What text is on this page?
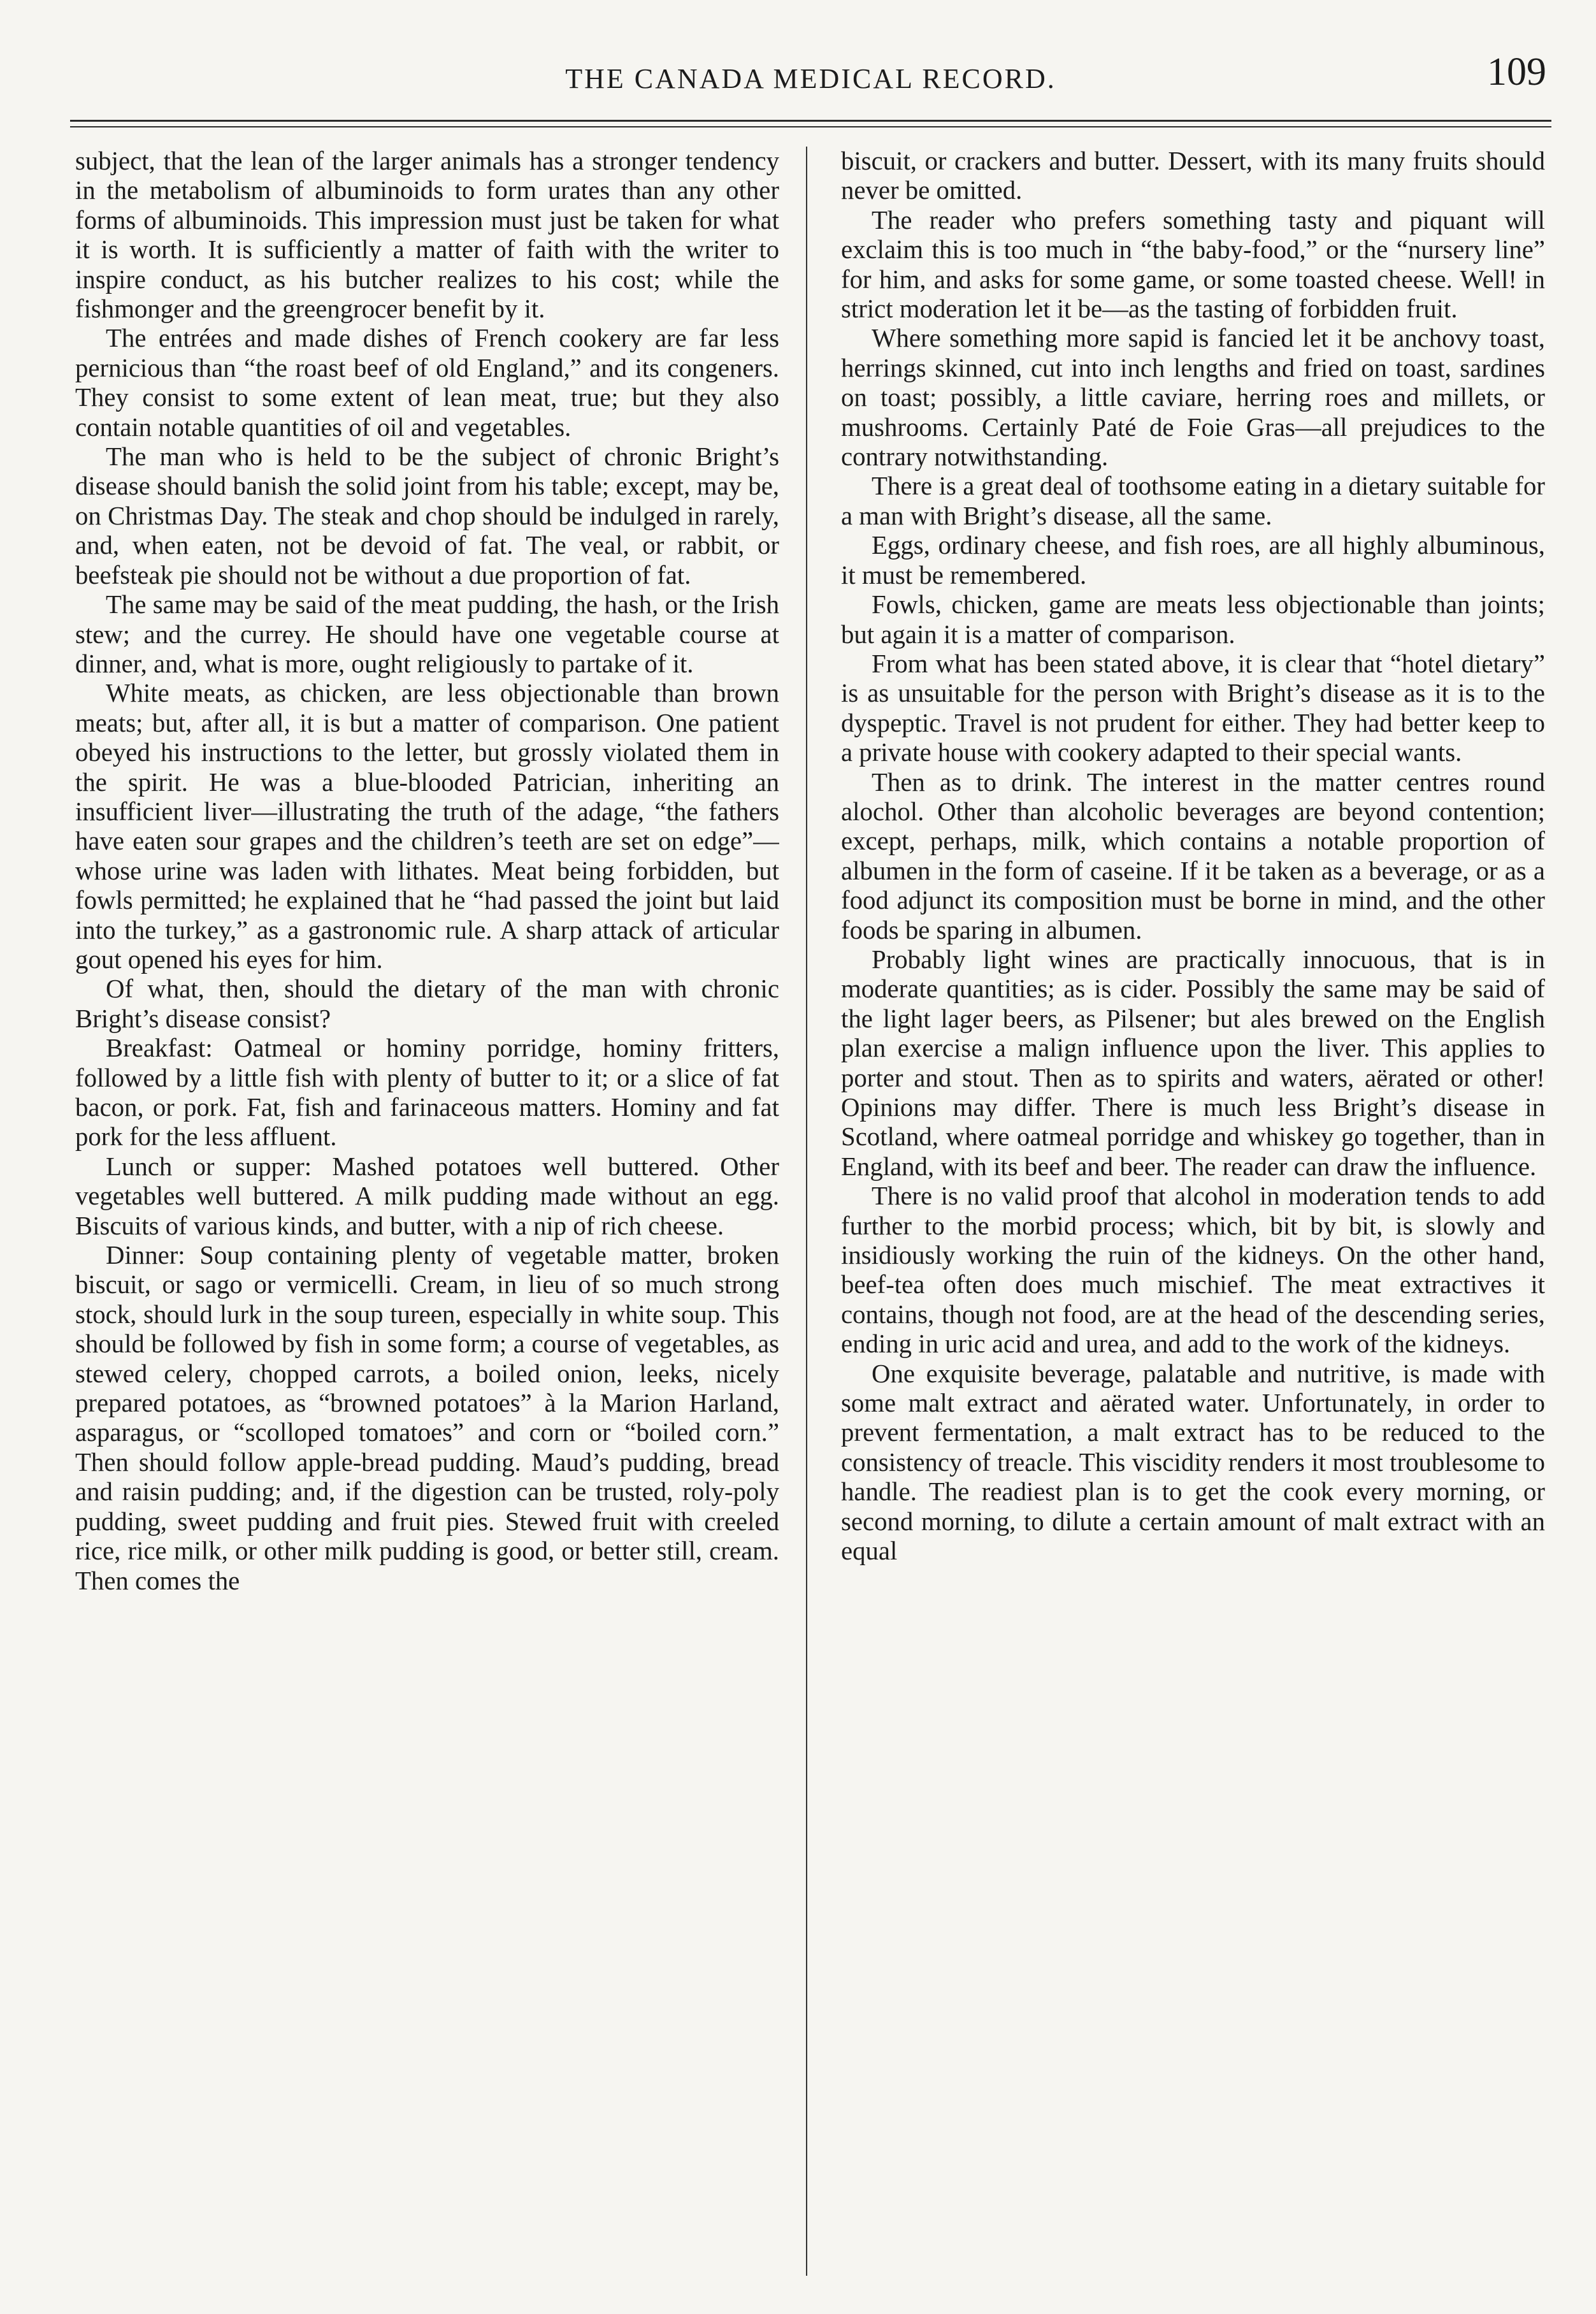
THE CANADA MEDICAL RECORD.	109

subject, that the lean of the larger animals has a stronger tendency in the metabolism of albuminoids to form urates than any other forms of albuminoids. This impression must just be taken for what it is worth. It is sufficiently a matter of faith with the writer to inspire conduct, as his butcher realizes to his cost; while the fishmonger and the greengrocer benefit by it.

The entrées and made dishes of French cookery are far less pernicious than “the roast beef of old England,” and its congeners. They consist to some extent of lean meat, true; but they also contain notable quantities of oil and vegetables.

The man who is held to be the subject of chronic Bright’s disease should banish the solid joint from his table; except, may be, on Christmas Day. The steak and chop should be indulged in rarely, and, when eaten, not be devoid of fat. The veal, or rabbit, or beefsteak pie should not be without a due proportion of fat.

The same may be said of the meat pudding, the hash, or the Irish stew; and the currey. He should have one vegetable course at dinner, and, what is more, ought religiously to partake of it.

White meats, as chicken, are less objectionable than brown meats; but, after all, it is but a matter of comparison. One patient obeyed his instructions to the letter, but grossly violated them in the spirit. He was a blue-blooded Patrician, inheriting an insufficient liver—illustrating the truth of the adage, “the fathers have eaten sour grapes and the children’s teeth are set on edge”—whose urine was laden with lithates. Meat being forbidden, but fowls permitted; he explained that he “had passed the joint but laid into the turkey,” as a gastronomic rule. A sharp attack of articular gout opened his eyes for him.

Of what, then, should the dietary of the man with chronic Bright’s disease consist?

Breakfast: Oatmeal or hominy porridge, hominy fritters, followed by a little fish with plenty of butter to it; or a slice of fat bacon, or pork. Fat, fish and farinaceous matters. Hominy and fat pork for the less affluent.

Lunch or supper: Mashed potatoes well buttered. Other vegetables well buttered. A milk pudding made without an egg. Biscuits of various kinds, and butter, with a nip of rich cheese.

Dinner: Soup containing plenty of vegetable matter, broken biscuit, or sago or vermicelli. Cream, in lieu of so much strong stock, should lurk in the soup tureen, especially in white soup. This should be followed by fish in some form; a course of vegetables, as stewed celery, chopped carrots, a boiled onion, leeks, nicely prepared potatoes, as “browned potatoes” à la Marion Harland, asparagus, or “scolloped tomatoes” and corn or “boiled corn.” Then should follow apple-bread pudding. Maud’s pudding, bread and raisin pudding; and, if the digestion can be trusted, roly-poly pudding, sweet pudding and fruit pies. Stewed fruit with creeled rice, rice milk, or other milk pudding is good, or better still, cream. Then comes the

biscuit, or crackers and butter. Dessert, with its many fruits should never be omitted.

The reader who prefers something tasty and piquant will exclaim this is too much in “the baby-food,” or the “nursery line” for him, and asks for some game, or some toasted cheese. Well! in strict moderation let it be—as the tasting of forbidden fruit.

Where something more sapid is fancied let it be anchovy toast, herrings skinned, cut into inch lengths and fried on toast, sardines on toast; possibly, a little caviare, herring roes and millets, or mushrooms. Certainly Paté de Foie Gras—all prejudices to the contrary notwithstanding.

There is a great deal of toothsome eating in a dietary suitable for a man with Bright’s disease, all the same.

Eggs, ordinary cheese, and fish roes, are all highly albuminous, it must be remembered.

Fowls, chicken, game are meats less objectionable than joints; but again it is a matter of comparison.

From what has been stated above, it is clear that “hotel dietary” is as unsuitable for the person with Bright’s disease as it is to the dyspeptic. Travel is not prudent for either. They had better keep to a private house with cookery adapted to their special wants.

Then as to drink. The interest in the matter centres round alochol. Other than alcoholic beverages are beyond contention; except, perhaps, milk, which contains a notable proportion of albumen in the form of caseine. If it be taken as a beverage, or as a food adjunct its composition must be borne in mind, and the other foods be sparing in albumen.

Probably light wines are practically innocuous, that is in moderate quantities; as is cider. Possibly the same may be said of the light lager beers, as Pilsener; but ales brewed on the English plan exercise a malign influence upon the liver. This applies to porter and stout. Then as to spirits and waters, aërated or other! Opinions may differ. There is much less Bright’s disease in Scotland, where oatmeal porridge and whiskey go together, than in England, with its beef and beer. The reader can draw the influence.

There is no valid proof that alcohol in moderation tends to add further to the morbid process; which, bit by bit, is slowly and insidiously working the ruin of the kidneys. On the other hand, beef-tea often does much mischief. The meat extractives it contains, though not food, are at the head of the descending series, ending in uric acid and urea, and add to the work of the kidneys.

One exquisite beverage, palatable and nutritive, is made with some malt extract and aërated water. Unfortunately, in order to prevent fermentation, a malt extract has to be reduced to the consistency of treacle. This viscidity renders it most troublesome to handle. The readiest plan is to get the cook every morning, or second morning, to dilute a certain amount of malt extract with an equal
